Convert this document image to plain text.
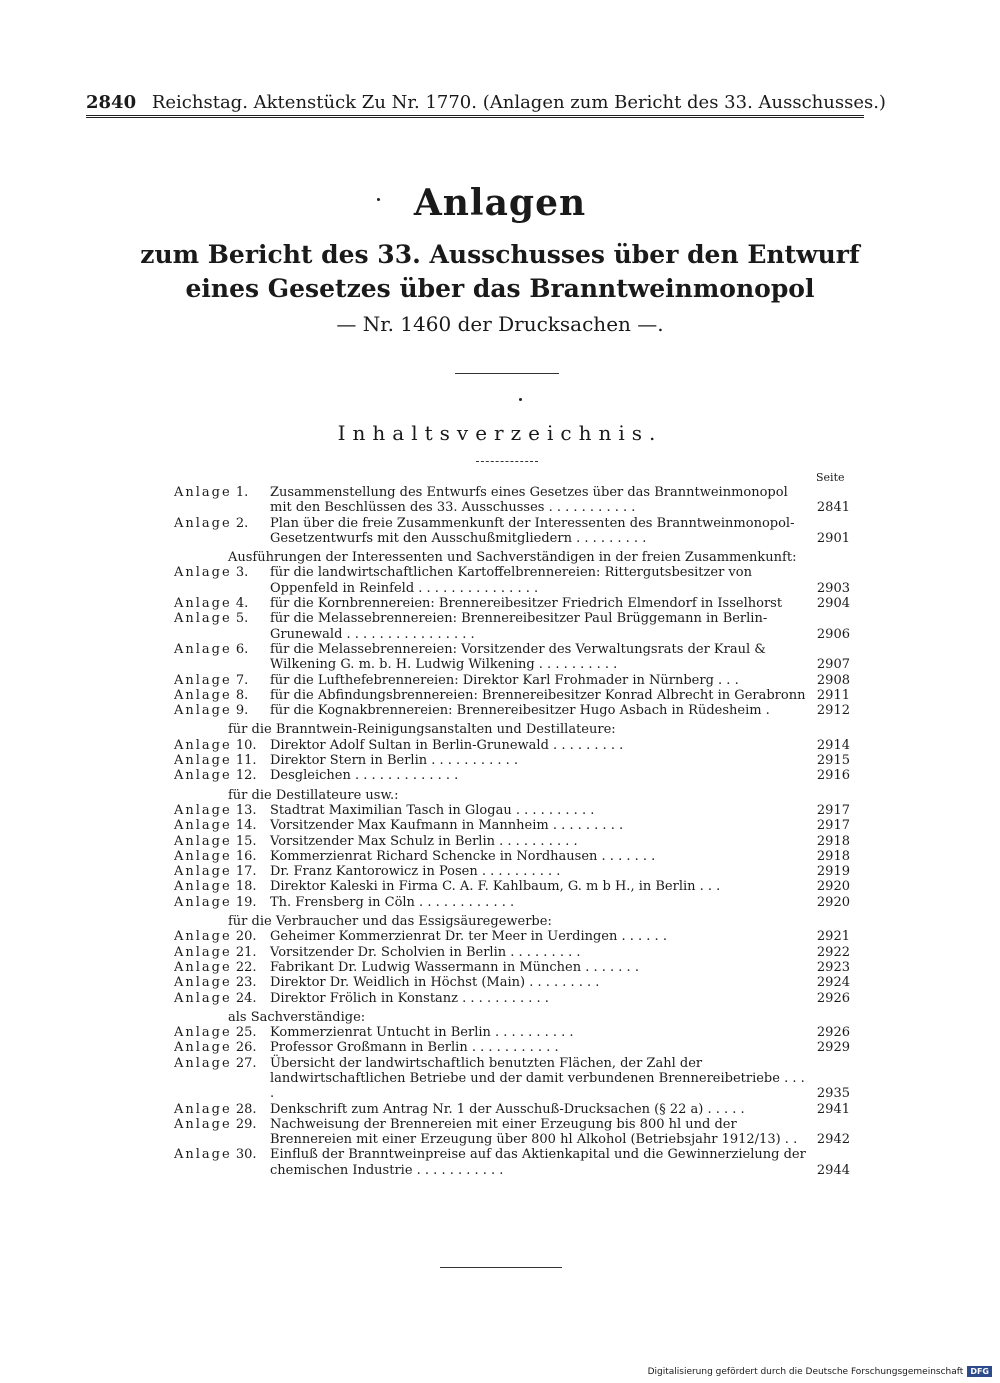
2840 Reichstag. Aktenstück Zu Nr. 1770. (Anlagen zum Bericht des 33. Ausschusses.)
Anlagen
zum Bericht des 33. Ausschusses über den Entwurf
eines Gesetzes über das Branntweinmonopol
— Nr. 1460 der Drucksachen —.
Inhaltsverzeichnis.
Seite
Anlage 1.	Zusammenstellung des Entwurfs eines Gesetzes über das Branntweinmonopol mit den Beschlüssen des 33. Ausschusses . . . . . . . . . . .	2841
Anlage 2.	Plan über die freie Zusammenkunft der Interessenten des Branntweinmonopol-Gesetzentwurfs mit den Ausschußmitgliedern . . . . . . . . .	2901
Ausführungen der Interessenten und Sachverständigen in der freien Zusammenkunft:
Anlage 3.	für die landwirtschaftlichen Kartoffelbrennereien: Rittergutsbesitzer von Oppenfeld in Reinfeld . . . . . . . . . . . . . . .	2903
Anlage 4.	für die Kornbrennereien: Brennereibesitzer Friedrich Elmendorf in Isselhorst	2904
Anlage 5.	für die Melassebrennereien: Brennereibesitzer Paul Brüggemann in Berlin-Grunewald . . . . . . . . . . . . . . . .	2906
Anlage 6.	für die Melassebrennereien: Vorsitzender des Verwaltungsrats der Kraul & Wilkening G. m. b. H. Ludwig Wilkening . . . . . . . . . .	2907
Anlage 7.	für die Lufthefebrennereien: Direktor Karl Frohmader in Nürnberg . . .	2908
Anlage 8.	für die Abfindungsbrennereien: Brennereibesitzer Konrad Albrecht in Gerabronn 2911
Anlage 9.	für die Kognakbrennereien: Brennereibesitzer Hugo Asbach in Rüdesheim .	2912
für die Branntwein-Reinigungsanstalten und Destillateure:
Anlage 10.	Direktor Adolf Sultan in Berlin-Grunewald . . . . . . . . .	2914
Anlage 11.	Direktor Stern in Berlin . . . . . . . . . . .	2915
Anlage 12.	Desgleichen . . . . . . . . . . . . .	2916
für die Destillateure usw.:
Anlage 13.	Stadtrat Maximilian Tasch in Glogau . . . . . . . . . .	2917
Anlage 14.	Vorsitzender Max Kaufmann in Mannheim . . . . . . . . .	2917
Anlage 15.	Vorsitzender Max Schulz in Berlin . . . . . . . . . .	2918
Anlage 16.	Kommerzienrat Richard Schencke in Nordhausen . . . . . . .	2918
Anlage 17.	Dr. Franz Kantorowicz in Posen . . . . . . . . . .	2919
Anlage 18.	Direktor Kaleski in Firma C. A. F. Kahlbaum, G. m b H., in Berlin . . .	2920
Anlage 19.	Th. Frensberg in Cöln . . . . . . . . . . . .	2920
für die Verbraucher und das Essigsäuregewerbe:
Anlage 20.	Geheimer Kommerzienrat Dr. ter Meer in Uerdingen . . . . . .	2921
Anlage 21.	Vorsitzender Dr. Scholvien in Berlin . . . . . . . . .	2922
Anlage 22.	Fabrikant Dr. Ludwig Wassermann in München . . . . . . .	2923
Anlage 23.	Direktor Dr. Weidlich in Höchst (Main) . . . . . . . . .	2924
Anlage 24.	Direktor Frölich in Konstanz . . . . . . . . . . .	2926
als Sachverständige:
Anlage 25.	Kommerzienrat Untucht in Berlin . . . . . . . . . .	2926
Anlage 26.	Professor Großmann in Berlin . . . . . . . . . . .	2929
Anlage 27.	Übersicht der landwirtschaftlich benutzten Flächen, der Zahl der landwirtschaftlichen Betriebe und der damit verbundenen Brennereibetriebe . . . .	2935
Anlage 28.	Denkschrift zum Antrag Nr. 1 der Ausschuß-Drucksachen (§ 22 a) . . . . .	2941
Anlage 29.	Nachweisung der Brennereien mit einer Erzeugung bis 800 hl und der Brennereien mit einer Erzeugung über 800 hl Alkohol (Betriebsjahr 1912/13) . .	2942
Anlage 30.	Einfluß der Branntweinpreise auf das Aktienkapital und die Gewinnerzielung der chemischen Industrie . . . . . . . . . . .	2944
Digitalisierung gefördert durch die Deutsche Forschungsgemeinschaft DFG
